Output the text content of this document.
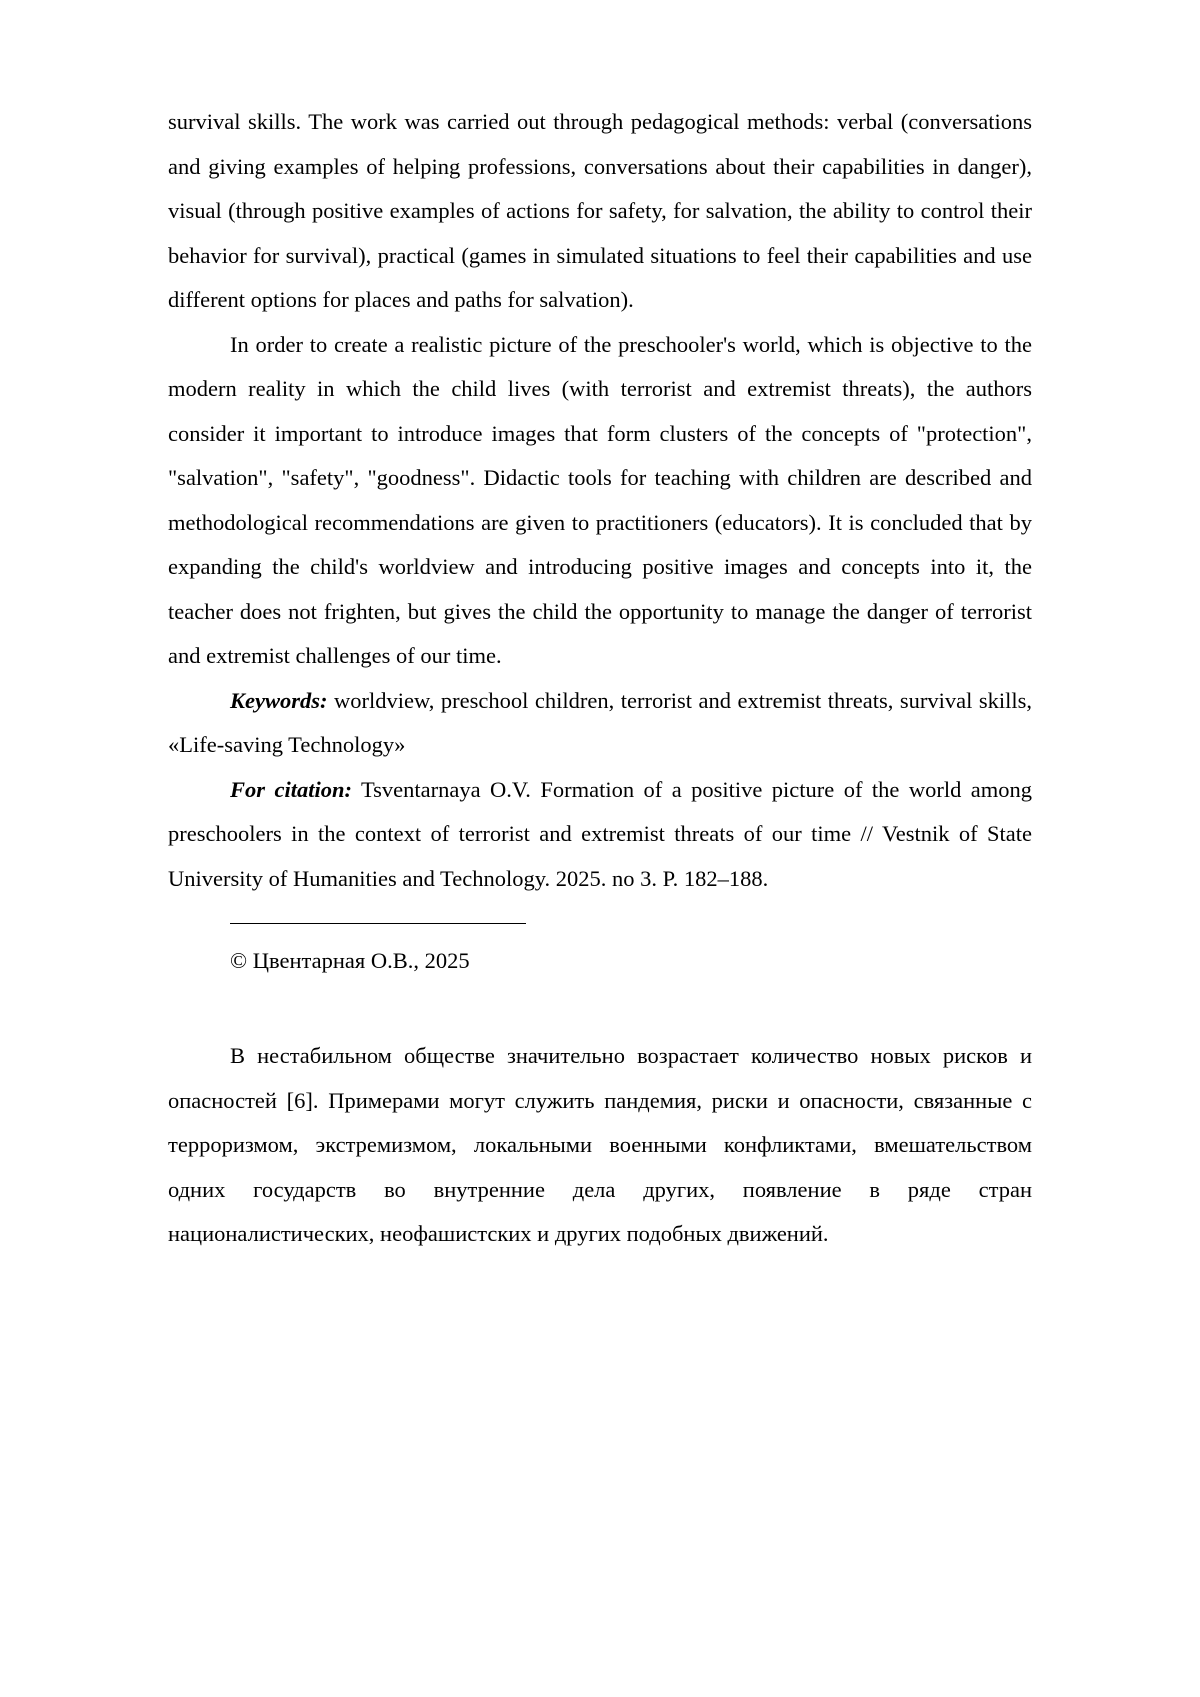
survival skills. The work was carried out through pedagogical methods: verbal (conversations and giving examples of helping professions, conversations about their capabilities in danger), visual (through positive examples of actions for safety, for salvation, the ability to control their behavior for survival), practical (games in simulated situations to feel their capabilities and use different options for places and paths for salvation).

In order to create a realistic picture of the preschooler's world, which is objective to the modern reality in which the child lives (with terrorist and extremist threats), the authors consider it important to introduce images that form clusters of the concepts of "protection", "salvation", "safety", "goodness". Didactic tools for teaching with children are described and methodological recommendations are given to practitioners (educators). It is concluded that by expanding the child's worldview and introducing positive images and concepts into it, the teacher does not frighten, but gives the child the opportunity to manage the danger of terrorist and extremist challenges of our time.

Keywords: worldview, preschool children, terrorist and extremist threats, survival skills, «Life-saving Technology»

For citation: Tsventarnaya O.V. Formation of a positive picture of the world among preschoolers in the context of terrorist and extremist threats of our time // Vestnik of State University of Humanities and Technology. 2025. no 3. P. 182–188.

© Цвентарная О.В., 2025

В нестабильном обществе значительно возрастает количество новых рисков и опасностей [6]. Примерами могут служить пандемия, риски и опасности, связанные с терроризмом, экстремизмом, локальными военными конфликтами, вмешательством одних государств во внутренние дела других, появление в ряде стран националистических, неофашистских и других подобных движений.
